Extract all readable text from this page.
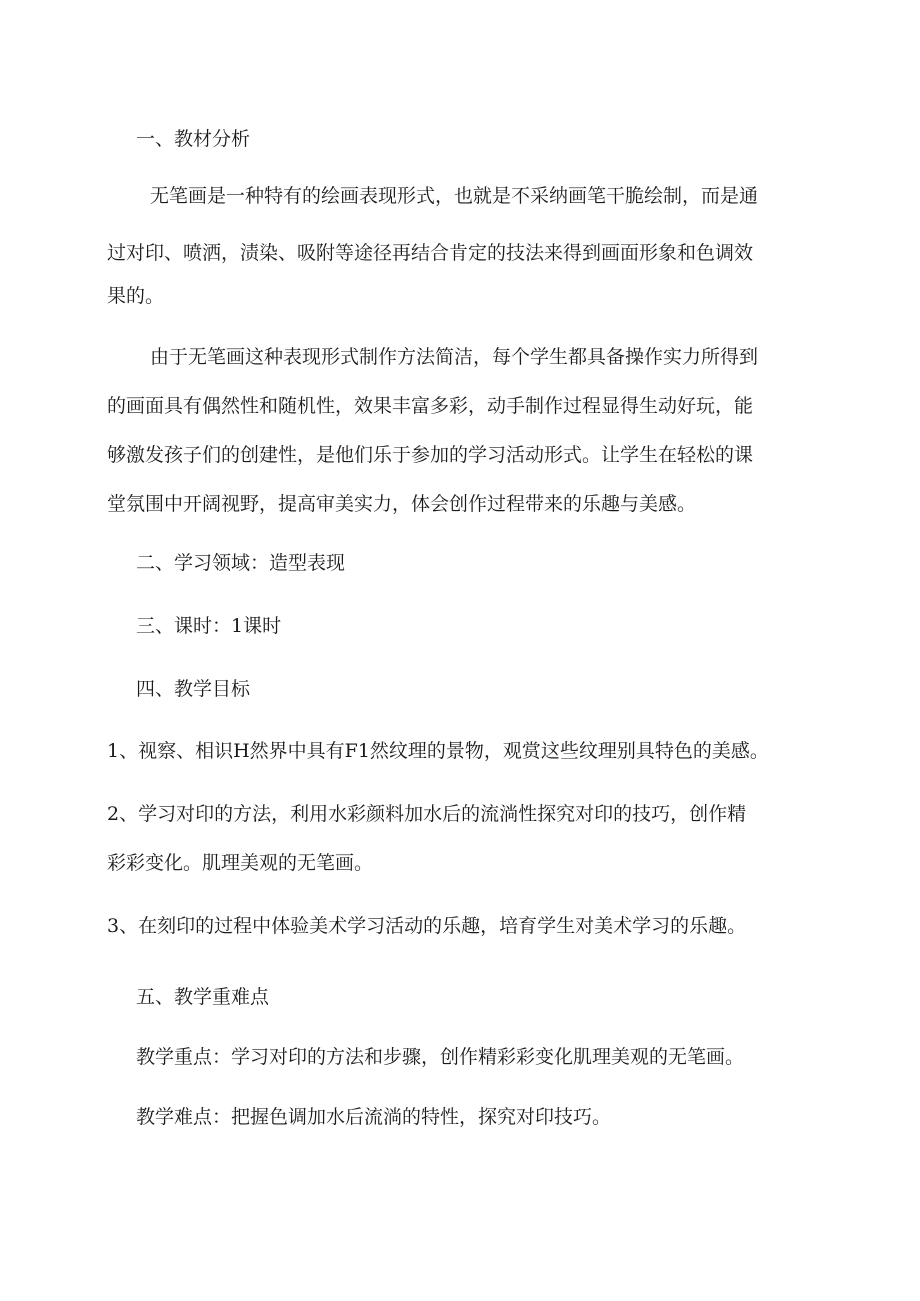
一、教材分析

无笔画是一种特有的绘画表现形式，也就是不采纳画笔干脆绘制，而是通

过对印、喷洒，渍染、吸附等途径再结合肯定的技法来得到画面形象和色调效

果的。

由于无笔画这种表现形式制作方法简洁，每个学生都具备操作实力所得到

的画面具有偶然性和随机性，效果丰富多彩，动手制作过程显得生动好玩，能

够激发孩子们的创建性，是他们乐于参加的学习活动形式。让学生在轻松的课

堂氛围中开阔视野，提高审美实力，体会创作过程带来的乐趣与美感。

二、学习领域：造型表现

三、课时：1课时

四、教学目标

1、视察、相识H然界中具有F1然纹理的景物，观赏这些纹理别具特色的美感。

2、学习对印的方法，利用水彩颜料加水后的流淌性探究对印的技巧，创作精

彩彩变化。肌理美观的无笔画。

3、在刻印的过程中体验美术学习活动的乐趣，培育学生对美术学习的乐趣。

五、教学重难点

教学重点：学习对印的方法和步骤，创作精彩彩变化肌理美观的无笔画。

教学难点：把握色调加水后流淌的特性，探究对印技巧。
